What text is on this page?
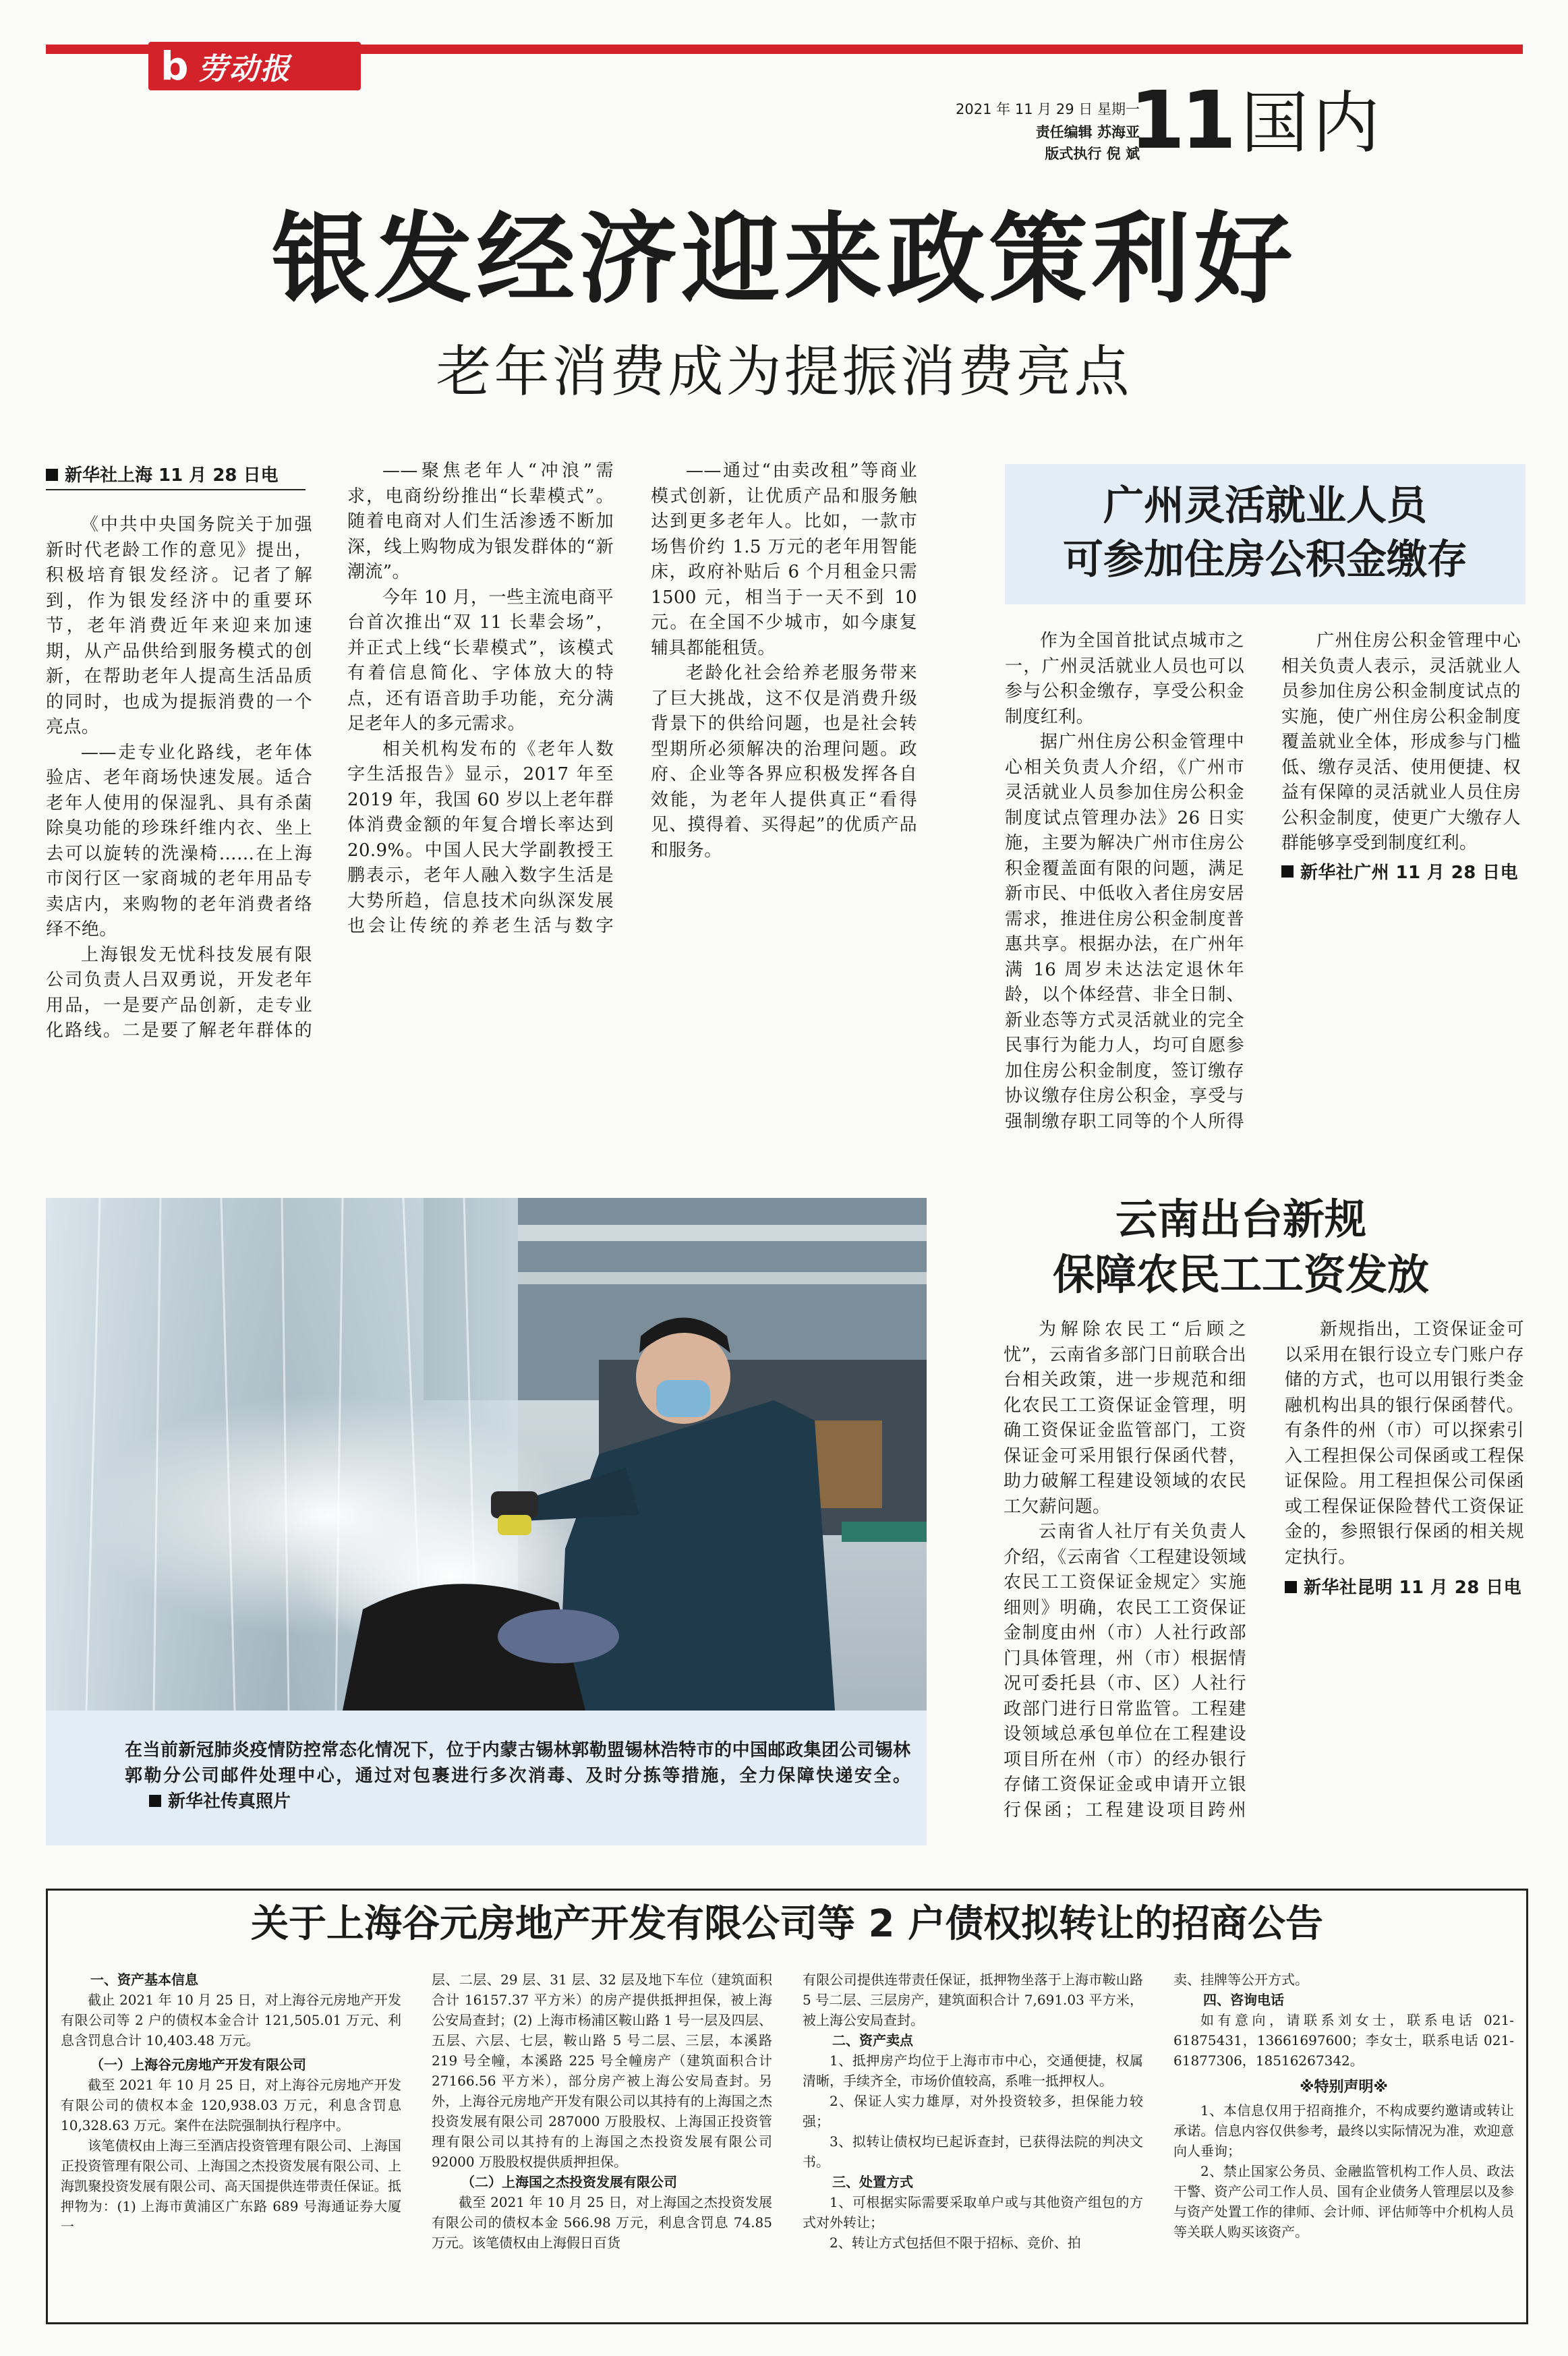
b 劳动报
2021 年 11 月 29 日 星期一
责任编辑 苏海亚
版式执行 倪 斌
11 国内
银发经济迎来政策利好
老年消费成为提振消费亮点
新华社上海 11 月 28 日电

《中共中央国务院关于加强新时代老龄工作的意见》提出，积极培育银发经济。记者了解到，作为银发经济中的重要环节，老年消费近年来迎来加速期，从产品供给到服务模式的创新，在帮助老年人提高生活品质的同时，也成为提振消费的一个亮点。

——走专业化路线，老年体验店、老年商场快速发展。适合老年人使用的保湿乳、具有杀菌除臭功能的珍珠纤维内衣、坐上去可以旋转的洗澡椅……在上海市闵行区一家商城的老年用品专卖店内，来购物的老年消费者络绎不绝。

上海银发无忧科技发展有限公司负责人吕双勇说，开发老年用品，一是要产品创新，走专业化路线。二是要了解老年群体的

——聚焦老年人“冲浪”需求，电商纷纷推出“长辈模式”。随着电商对人们生活渗透不断加深，线上购物成为银发群体的“新潮流”。

今年 10 月，一些主流电商平台首次推出“双 11 长辈会场”，并正式上线“长辈模式”，该模式有着信息简化、字体放大的特点，还有语音助手功能，充分满足老年人的多元需求。

相关机构发布的《老年人数字生活报告》显示，2017 年至 2019 年，我国 60 岁以上老年群体消费金额的年复合增长率达到 20.9%。中国人民大学副教授王鹏表示，老年人融入数字生活是大势所趋，信息技术向纵深发展也会让传统的养老生活与数字

——通过“由卖改租”等商业模式创新，让优质产品和服务触达到更多老年人。比如，一款市场售价约 1.5 万元的老年用智能床，政府补贴后 6 个月租金只需 1500 元，相当于一天不到 10 元。在全国不少城市，如今康复辅具都能租赁。

老龄化社会给养老服务带来了巨大挑战，这不仅是消费升级背景下的供给问题，也是社会转型期所必须解决的治理问题。政府、企业等各界应积极发挥各自效能，为老年人提供真正“看得见、摸得着、买得起”的优质产品和服务。

广州灵活就业人员
可参加住房公积金缴存

作为全国首批试点城市之一，广州灵活就业人员也可以参与公积金缴存，享受公积金制度红利。

据广州住房公积金管理中心相关负责人介绍，《广州市灵活就业人员参加住房公积金制度试点管理办法》26 日实施，主要为解决广州市住房公积金覆盖面有限的问题，满足新市民、中低收入者住房安居需求，推进住房公积金制度普惠共享。根据办法，在广州年满 16 周岁未达法定退休年龄，以个体经营、非全日制、新业态等方式灵活就业的完全民事行为能力人，均可自愿参加住房公积金制度，签订缴存协议缴存住房公积金，享受与强制缴存职工同等的个人所得

广州住房公积金管理中心相关负责人表示，灵活就业人员参加住房公积金制度试点的实施，使广州住房公积金制度覆盖就业全体，形成参与门槛低、缴存灵活、使用便捷、权益有保障的灵活就业人员住房公积金制度，使更广大缴存人群能够享受到制度红利。

新华社广州 11 月 28 日电

在当前新冠肺炎疫情防控常态化情况下，位于内蒙古锡林郭勒盟锡林浩特市的中国邮政集团公司锡林郭勒分公司邮件处理中心，通过对包裹进行多次消毒、及时分拣等措施，全力保障快递安全。 新华社传真照片
云南出台新规
保障农民工工资发放

为解除农民工“后顾之忧”，云南省多部门日前联合出台相关政策，进一步规范和细化农民工工资保证金管理，明确工资保证金监管部门，工资保证金可采用银行保函代替，助力破解工程建设领域的农民工欠薪问题。

云南省人社厅有关负责人介绍，《云南省〈工程建设领域农民工工资保证金规定〉实施细则》明确，农民工工资保证金制度由州（市）人社行政部门具体管理，州（市）根据情况可委托县（市、区）人社行政部门进行日常监管。工程建设领域总承包单位在工程建设项目所在州（市）的经办银行存储工资保证金或申请开立银行保函；工程建设项目跨州

新规指出，工资保证金可以采用在银行设立专门账户存储的方式，也可以用银行类金融机构出具的银行保函替代。有条件的州（市）可以探索引入工程担保公司保函或工程保证保险。用工程担保公司保函或工程保证保险替代工资保证金的，参照银行保函的相关规定执行。

新华社昆明 11 月 28 日电

关于上海谷元房地产开发有限公司等 2 户债权拟转让的招商公告

一、资产基本信息

截止 2021 年 10 月 25 日，对上海谷元房地产开发有限公司等 2 户的债权本金合计 121,505.01 万元、利息含罚息合计 10,403.48 万元。

（一）上海谷元房地产开发有限公司

截至 2021 年 10 月 25 日，对上海谷元房地产开发有限公司的债权本金 120,938.03 万元，利息含罚息 10,328.63 万元。案件在法院强制执行程序中。

该笔债权由上海三至酒店投资管理有限公司、上海国正投资管理有限公司、上海国之杰投资发展有限公司、上海凯聚投资发展有限公司、高天国提供连带责任保证。抵押物为：(1) 上海市黄浦区广东路 689 号海通证券大厦一

层、二层、29 层、31 层、32 层及地下车位（建筑面积合计 16157.37 平方米）的房产提供抵押担保，被上海公安局查封；(2) 上海市杨浦区鞍山路 1 号一层及四层、五层、六层、七层，鞍山路 5 号二层、三层，本溪路 219 号全幢，本溪路 225 号全幢房产（建筑面积合计 27166.56 平方米），部分房产被上海公安局查封。另外，上海谷元房地产开发有限公司以其持有的上海国之杰投资发展有限公司 287000 万股股权、上海国正投资管理有限公司以其持有的上海国之杰投资发展有限公司 92000 万股股权提供质押担保。

（二）上海国之杰投资发展有限公司

截至 2021 年 10 月 25 日，对上海国之杰投资发展有限公司的债权本金 566.98 万元，利息含罚息 74.85 万元。该笔债权由上海假日百货

有限公司提供连带责任保证，抵押物坐落于上海市鞍山路 5 号二层、三层房产，建筑面积合计 7,691.03 平方米，被上海公安局查封。

二、资产卖点

1、抵押房产均位于上海市市中心，交通便捷，权属清晰，手续齐全，市场价值较高，系唯一抵押权人。

2、保证人实力雄厚，对外投资较多，担保能力较强；

3、拟转让债权均已起诉查封，已获得法院的判决文书。

三、处置方式

1、可根据实际需要采取单户或与其他资产组包的方式对外转让；

2、转让方式包括但不限于招标、竞价、拍

卖、挂牌等公开方式。

四、咨询电话

如有意向，请联系刘女士，联系电话 021-61875431，13661697600；李女士，联系电话 021-61877306，18516267342。

※特别声明※

1、本信息仅用于招商推介，不构成要约邀请或转让承诺。信息内容仅供参考，最终以实际情况为准，欢迎意向人垂询；

2、禁止国家公务员、金融监管机构工作人员、政法干警、资产公司工作人员、国有企业债务人管理层以及参与资产处置工作的律师、会计师、评估师等中介机构人员等关联人购买该资产。
